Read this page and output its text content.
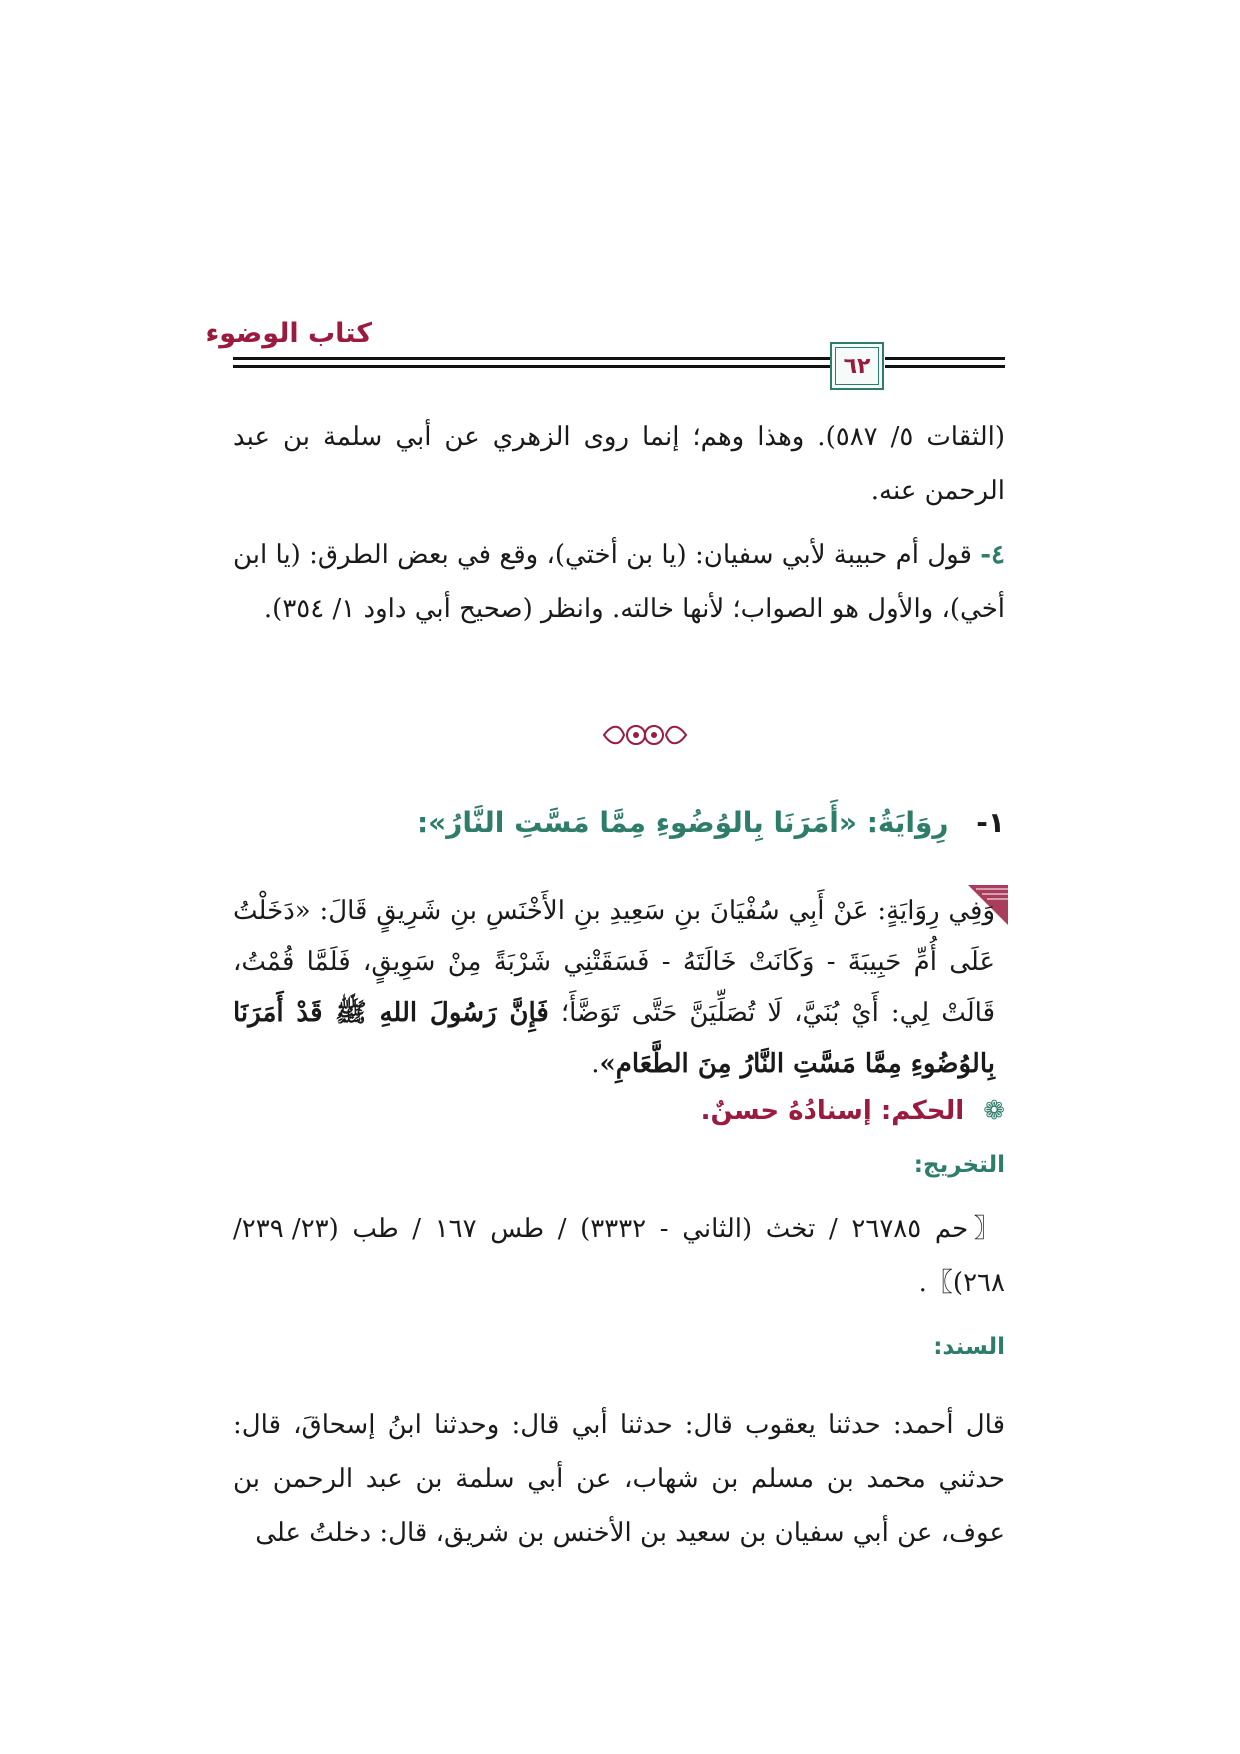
كتاب الوضوء
٦٢
(الثقات ٥/ ٥٨٧). وهذا وهم؛ إنما روى الزهري عن أبي سلمة بن عبد الرحمن عنه.
٤- قول أم حبيبة لأبي سفيان: (يا بن أختي)، وقع في بعض الطرق: (يا ابن أخي)، والأول هو الصواب؛ لأنها خالته. وانظر (صحيح أبي داود ١/ ٣٥٤).
١- رِوَايَةُ: «أَمَرَنَا بِالوُضُوءِ مِمَّا مَسَّتِ النَّارُ»:
وَفِي رِوَايَةٍ: عَنْ أَبِي سُفْيَانَ بنِ سَعِيدِ بنِ الأَخْنَسِ بنِ شَرِيقٍ قَالَ: «دَخَلْتُ عَلَى أُمِّ حَبِيبَةَ - وَكَانَتْ خَالَتَهُ - فَسَقَتْنِي شَرْبَةً مِنْ سَوِيقٍ، فَلَمَّا قُمْتُ، قَالَتْ لِي: أَيْ بُنَيَّ، لَا تُصَلِّيَنَّ حَتَّى تَوَضَّأَ؛ فَإِنَّ رَسُولَ اللهِ ﷺ قَدْ أَمَرَنَا بِالوُضُوءِ مِمَّا مَسَّتِ النَّارُ مِنَ الطَّعَامِ».
❁ الحكم: إسنادُهُ حسنٌ.
التخريج:
〖حم ٢٦٧٨٥ / تخث (الثاني - ٣٣٣٢) / طس ١٦٧ / طب (٢٣/ ٢٣٩/ ٢٦٨)〗.
السند:
قال أحمد: حدثنا يعقوب قال: حدثنا أبي قال: وحدثنا ابنُ إسحاقَ، قال: حدثني محمد بن مسلم بن شهاب، عن أبي سلمة بن عبد الرحمن بن عوف، عن أبي سفيان بن سعيد بن الأخنس بن شريق، قال: دخلتُ على
